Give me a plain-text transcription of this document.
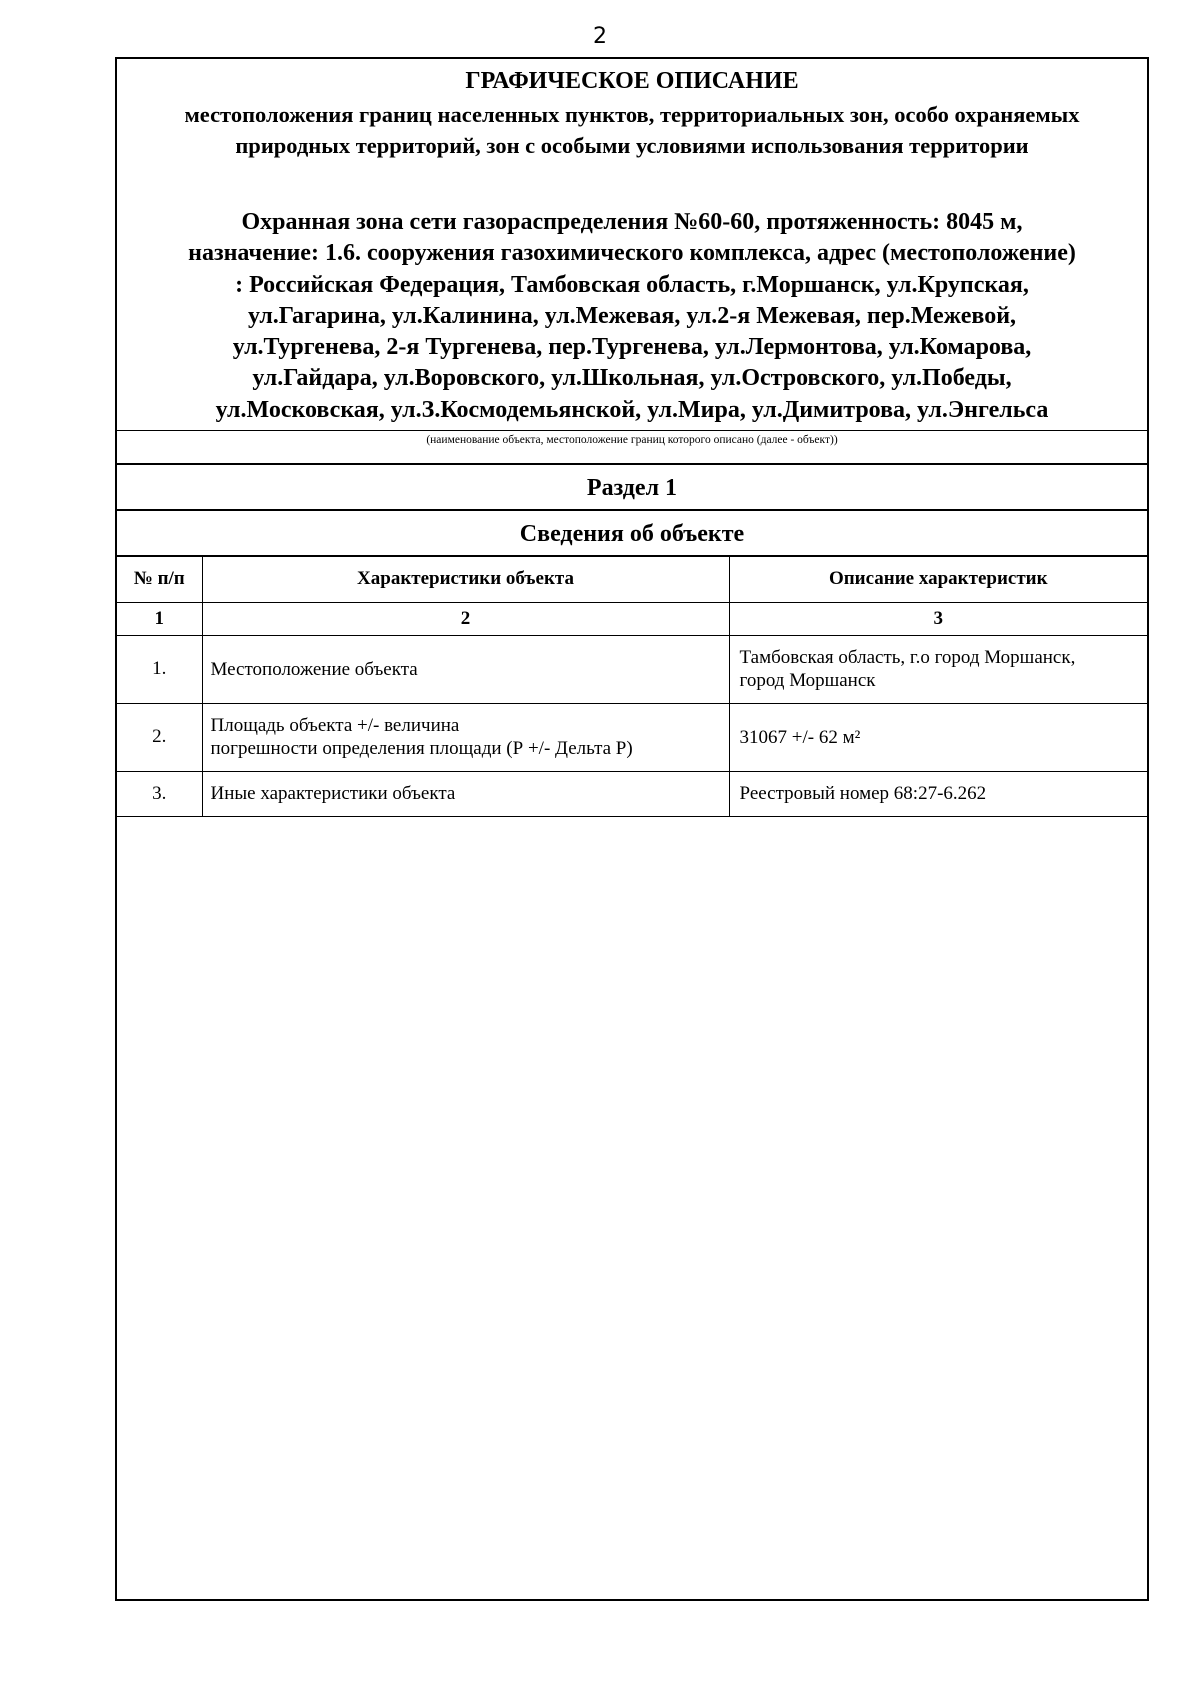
2
ГРАФИЧЕСКОЕ ОПИСАНИЕ
местоположения границ населенных пунктов, территориальных зон, особо охраняемых природных территорий, зон с особыми условиями использования территории
Охранная зона сети газораспределения №60-60, протяженность: 8045 м,
назначение: 1.6. сооружения газохимического комплекса, адрес (местоположение)
: Российская Федерация, Тамбовская область, г.Моршанск, ул.Крупская,
ул.Гагарина, ул.Калинина, ул.Межевая, ул.2-я Межевая, пер.Межевой,
ул.Тургенева, 2-я Тургенева, пер.Тургенева, ул.Лермонтова, ул.Комарова,
ул.Гайдара, ул.Воровского, ул.Школьная, ул.Островского, ул.Победы,
ул.Московская, ул.З.Космодемьянской, ул.Мира, ул.Димитрова, ул.Энгельса
(наименование объекта, местоположение границ которого описано (далее - объект))
Раздел 1
Сведения об объекте
№ п/п	Характеристики объекта	Описание характеристик
1	2	3
1.	Местоположение объекта	Тамбовская область, г.о город Моршанск,
город Моршанск
2.	Площадь объекта +/- величина
погрешности определения площади (Р +/- Дельта Р)	31067 +/- 62 м²
3.	Иные характеристики объекта	Реестровый номер 68:27-6.262
